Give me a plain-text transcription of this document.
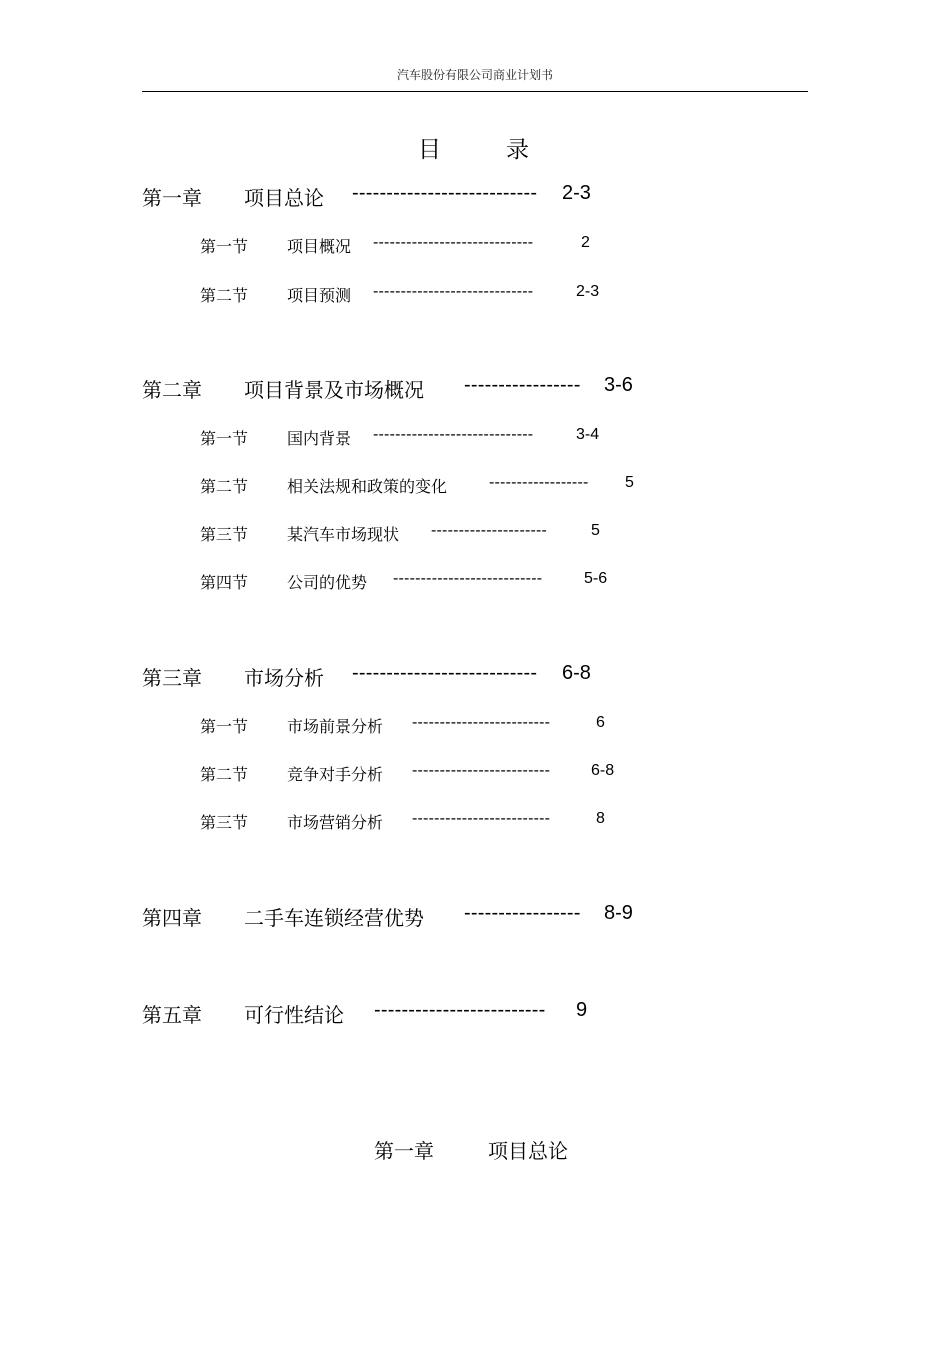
汽车股份有限公司商业计划书
目	录
第一章 项目总论 --------------------------- 2-3
第一节 项目概况 -----------------------------	2
第二节 项目预测 -----------------------------	2-3
第二章 项目背景及市场概况 ----------------- 3-6
第一节 国内背景 -----------------------------	3-4
第二节 相关法规和政策的变化	------------------ 5
第三节 某汽车市场现状 ---------------------	5
第四节 公司的优势 ---------------------------	5-6
第三章 市场分析 --------------------------- 6-8
第一节 市场前景分析 -------------------------	6
第二节 竞争对手分析 -------------------------	6-8
第三节 市场营销分析 -------------------------	8
第四章 二手车连锁经营优势 ----------------- 8-9
第五章 可行性结论 ------------------------- 9
第一章	项目总论
